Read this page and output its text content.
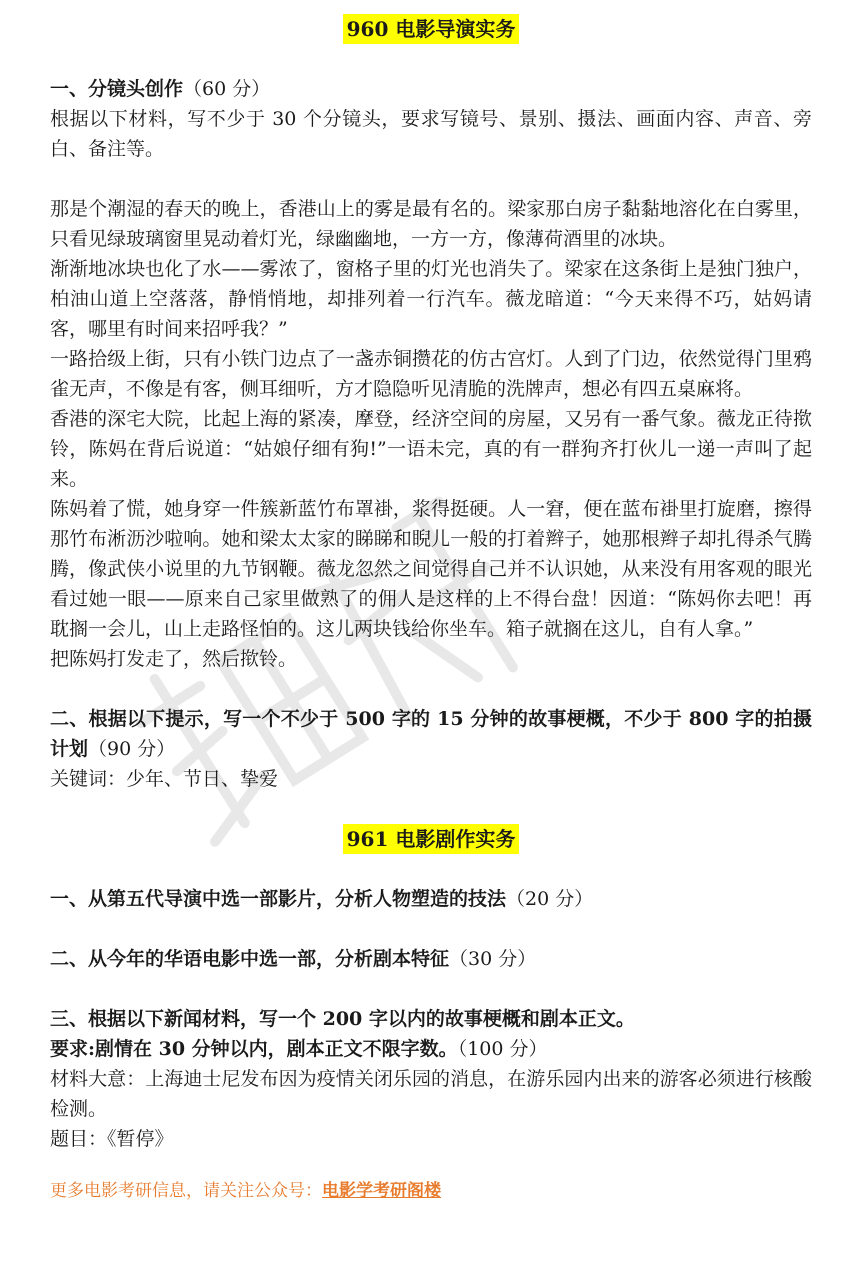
960 电影导演实务

一、分镜头创作（60 分）

根据以下材料，写不少于 30 个分镜头，要求写镜号、景别、摄法、画面内容、声音、旁白、备注等。

那是个潮湿的春天的晚上，香港山上的雾是最有名的。梁家那白房子黏黏地溶化在白雾里，只看见绿玻璃窗里晃动着灯光，绿幽幽地，一方一方，像薄荷酒里的冰块。

渐渐地冰块也化了水——雾浓了，窗格子里的灯光也消失了。梁家在这条街上是独门独户，柏油山道上空落落，静悄悄地，却排列着一行汽车。薇龙暗道：“今天来得不巧，姑妈请客，哪里有时间来招呼我？”

一路拾级上街，只有小铁门边点了一盏赤铜攒花的仿古宫灯。人到了门边，依然觉得门里鸦雀无声，不像是有客，侧耳细听，方才隐隐听见清脆的洗牌声，想必有四五桌麻将。

香港的深宅大院，比起上海的紧凑，摩登，经济空间的房屋，又另有一番气象。薇龙正待揿铃，陈妈在背后说道：“姑娘仔细有狗!”一语未完，真的有一群狗齐打伙儿一递一声叫了起来。

陈妈着了慌，她身穿一件簇新蓝竹布罩褂，浆得挺硬。人一窘，便在蓝布褂里打旋磨，擦得那竹布淅沥沙啦响。她和梁太太家的睇睇和睨儿一般的打着辫子，她那根辫子却扎得杀气腾腾，像武侠小说里的九节钢鞭。薇龙忽然之间觉得自己并不认识她，从来没有用客观的眼光看过她一眼——原来自己家里做熟了的佣人是这样的上不得台盘！因道：“陈妈你去吧！再耽搁一会儿，山上走路怪怕的。这儿两块钱给你坐车。箱子就搁在这儿，自有人拿。”

把陈妈打发走了，然后揿铃。

二、根据以下提示，写一个不少于 500 字的 15 分钟的故事梗概，不少于 800 字的拍摄计划（90 分）

关键词：少年、节日、挚爱

961 电影剧作实务

一、从第五代导演中选一部影片，分析人物塑造的技法（20 分）

二、从今年的华语电影中选一部，分析剧本特征（30 分）

三、根据以下新闻材料，写一个 200 字以内的故事梗概和剧本正文。

要求:剧情在 30 分钟以内，剧本正文不限字数。（100 分）

材料大意：上海迪士尼发布因为疫情关闭乐园的消息，在游乐园内出来的游客必须进行核酸检测。

题目：《暂停》

更多电影考研信息，请关注公众号：电影学考研阁楼
